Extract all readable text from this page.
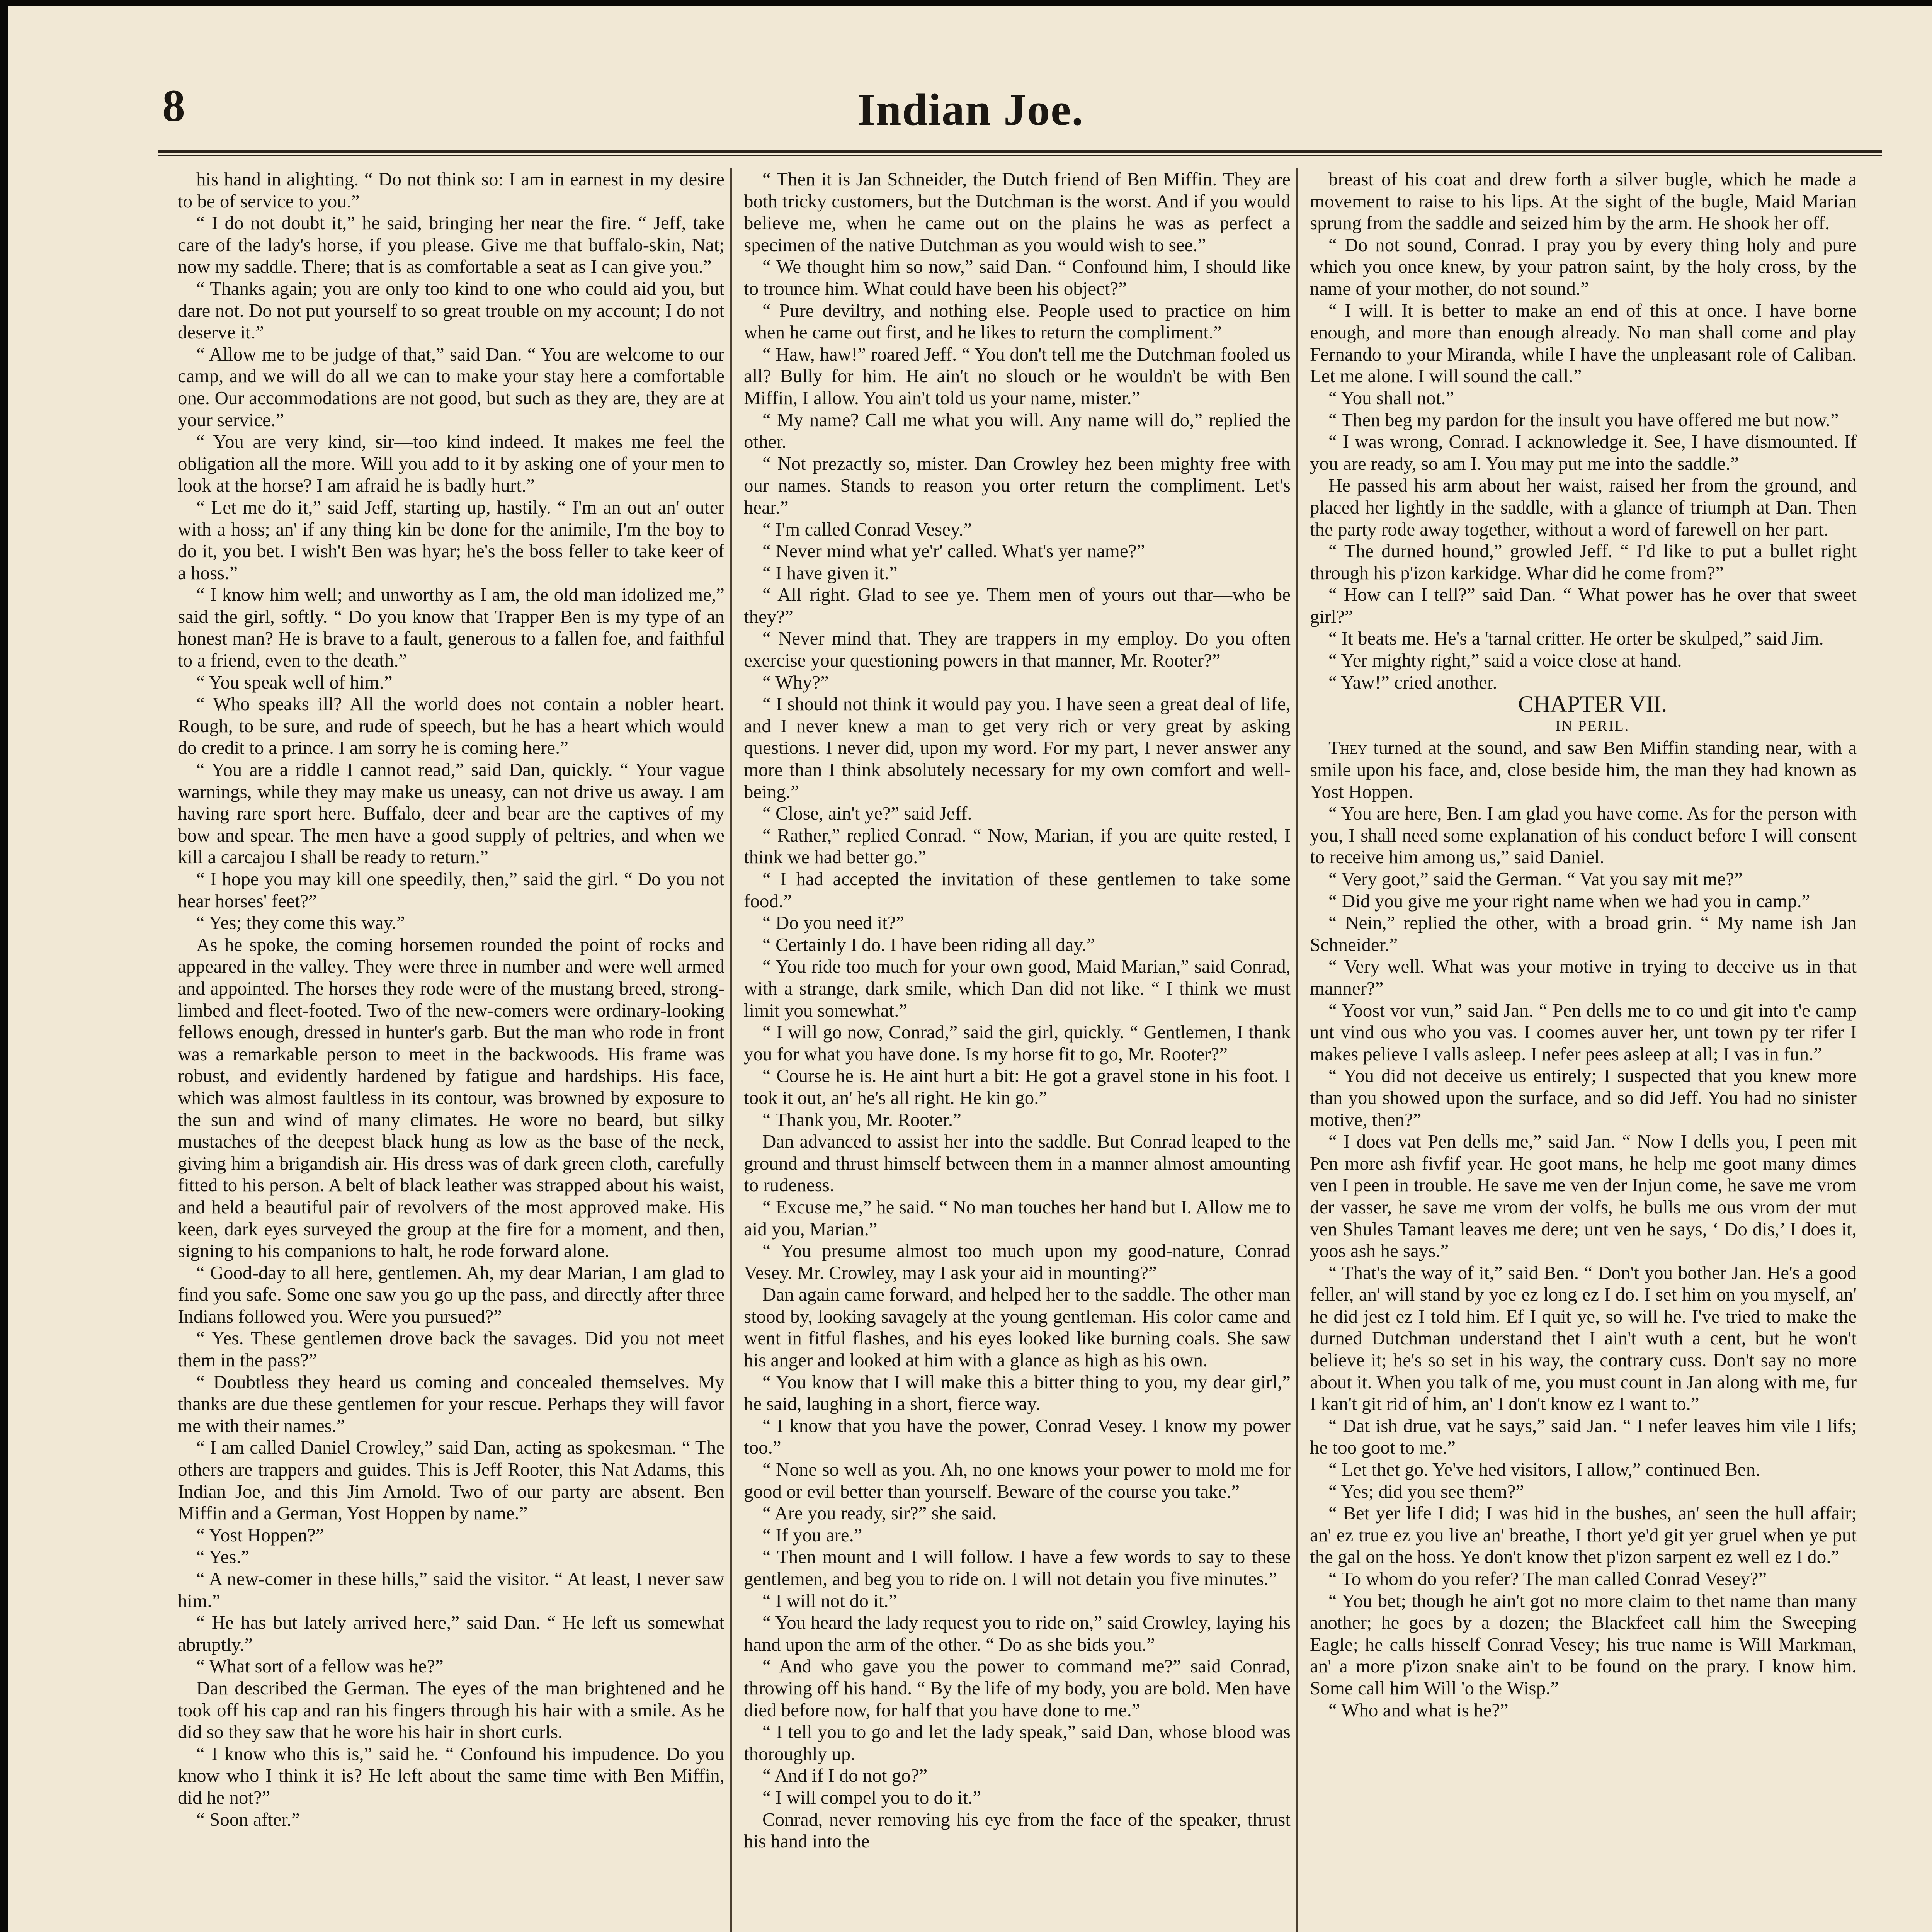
8	Indian Joe.

his hand in alighting. “ Do not think so: I am in earnest in my desire to be of service to you.”

“ I do not doubt it,” he said, bringing her near the fire. “ Jeff, take care of the lady's horse, if you please. Give me that buffalo-skin, Nat; now my saddle. There; that is as comfortable a seat as I can give you.”

“ Thanks again; you are only too kind to one who could aid you, but dare not. Do not put yourself to so great trouble on my account; I do not deserve it.”

“ Allow me to be judge of that,” said Dan. “ You are welcome to our camp, and we will do all we can to make your stay here a comfortable one. Our accommodations are not good, but such as they are, they are at your service.”

“ You are very kind, sir—too kind indeed. It makes me feel the obligation all the more. Will you add to it by asking one of your men to look at the horse? I am afraid he is badly hurt.”

“ Let me do it,” said Jeff, starting up, hastily. “ I'm an out an' outer with a hoss; an' if any thing kin be done for the animile, I'm the boy to do it, you bet. I wish't Ben was hyar; he's the boss feller to take keer of a hoss.”

“ I know him well; and unworthy as I am, the old man idolized me,” said the girl, softly. “ Do you know that Trapper Ben is my type of an honest man? He is brave to a fault, generous to a fallen foe, and faithful to a friend, even to the death.”

“ You speak well of him.”

“ Who speaks ill? All the world does not contain a nobler heart. Rough, to be sure, and rude of speech, but he has a heart which would do credit to a prince. I am sorry he is coming here.”

“ You are a riddle I cannot read,” said Dan, quickly. “ Your vague warnings, while they may make us uneasy, can not drive us away. I am having rare sport here. Buffalo, deer and bear are the captives of my bow and spear. The men have a good supply of peltries, and when we kill a carcajou I shall be ready to return.”

“ I hope you may kill one speedily, then,” said the girl. “ Do you not hear horses' feet?”

“ Yes; they come this way.”

As he spoke, the coming horsemen rounded the point of rocks and appeared in the valley. They were three in number and were well armed and appointed. The horses they rode were of the mustang breed, strong-limbed and fleet-footed. Two of the new-comers were ordinary-looking fellows enough, dressed in hunter's garb. But the man who rode in front was a remarkable person to meet in the backwoods. His frame was robust, and evidently hardened by fatigue and hardships. His face, which was almost faultless in its contour, was browned by exposure to the sun and wind of many climates. He wore no beard, but silky mustaches of the deepest black hung as low as the base of the neck, giving him a brigandish air. His dress was of dark green cloth, carefully fitted to his person. A belt of black leather was strapped about his waist, and held a beautiful pair of revolvers of the most approved make. His keen, dark eyes surveyed the group at the fire for a moment, and then, signing to his companions to halt, he rode forward alone.

“ Good-day to all here, gentlemen. Ah, my dear Marian, I am glad to find you safe. Some one saw you go up the pass, and directly after three Indians followed you. Were you pursued?”

“ Yes. These gentlemen drove back the savages. Did you not meet them in the pass?”

“ Doubtless they heard us coming and concealed themselves. My thanks are due these gentlemen for your rescue. Perhaps they will favor me with their names.”

“ I am called Daniel Crowley,” said Dan, acting as spokesman. “ The others are trappers and guides. This is Jeff Rooter, this Nat Adams, this Indian Joe, and this Jim Arnold. Two of our party are absent. Ben Miffin and a German, Yost Hoppen by name.”

“ Yost Hoppen?”

“ Yes.”

“ A new-comer in these hills,” said the visitor. “ At least, I never saw him.”

“ He has but lately arrived here,” said Dan. “ He left us somewhat abruptly.”

“ What sort of a fellow was he?”

Dan described the German. The eyes of the man brightened and he took off his cap and ran his fingers through his hair with a smile. As he did so they saw that he wore his hair in short curls.

“ I know who this is,” said he. “ Confound his impudence. Do you know who I think it is? He left about the same time with Ben Miffin, did he not?”

“ Soon after.”

“ Then it is Jan Schneider, the Dutch friend of Ben Miffin. They are both tricky customers, but the Dutchman is the worst. And if you would believe me, when he came out on the plains he was as perfect a specimen of the native Dutchman as you would wish to see.”

“ We thought him so now,” said Dan. “ Confound him, I should like to trounce him. What could have been his object?”

“ Pure deviltry, and nothing else. People used to practice on him when he came out first, and he likes to return the compliment.”

“ Haw, haw!” roared Jeff. “ You don't tell me the Dutchman fooled us all? Bully for him. He ain't no slouch or he wouldn't be with Ben Miffin, I allow. You ain't told us your name, mister.”

“ My name? Call me what you will. Any name will do,” replied the other.

“ Not prezactly so, mister. Dan Crowley hez been mighty free with our names. Stands to reason you orter return the compliment. Let's hear.”

“ I'm called Conrad Vesey.”

“ Never mind what ye'r' called. What's yer name?”

“ I have given it.”

“ All right. Glad to see ye. Them men of yours out thar—who be they?”

“ Never mind that. They are trappers in my employ. Do you often exercise your questioning powers in that manner, Mr. Rooter?”

“ Why?”

“ I should not think it would pay you. I have seen a great deal of life, and I never knew a man to get very rich or very great by asking questions. I never did, upon my word. For my part, I never answer any more than I think absolutely necessary for my own comfort and well-being.”

“ Close, ain't ye?” said Jeff.

“ Rather,” replied Conrad. “ Now, Marian, if you are quite rested, I think we had better go.”

“ I had accepted the invitation of these gentlemen to take some food.”

“ Do you need it?”

“ Certainly I do. I have been riding all day.”

“ You ride too much for your own good, Maid Marian,” said Conrad, with a strange, dark smile, which Dan did not like. “ I think we must limit you somewhat.”

“ I will go now, Conrad,” said the girl, quickly. “ Gentlemen, I thank you for what you have done. Is my horse fit to go, Mr. Rooter?”

“ Course he is. He aint hurt a bit: He got a gravel stone in his foot. I took it out, an' he's all right. He kin go.”

“ Thank you, Mr. Rooter.”

Dan advanced to assist her into the saddle. But Conrad leaped to the ground and thrust himself between them in a manner almost amounting to rudeness.

“ Excuse me,” he said. “ No man touches her hand but I. Allow me to aid you, Marian.”

“ You presume almost too much upon my good-nature, Conrad Vesey. Mr. Crowley, may I ask your aid in mounting?”

Dan again came forward, and helped her to the saddle. The other man stood by, looking savagely at the young gentleman. His color came and went in fitful flashes, and his eyes looked like burning coals. She saw his anger and looked at him with a glance as high as his own.

“ You know that I will make this a bitter thing to you, my dear girl,” he said, laughing in a short, fierce way.

“ I know that you have the power, Conrad Vesey. I know my power too.”

“ None so well as you. Ah, no one knows your power to mold me for good or evil better than yourself. Beware of the course you take.”

“ Are you ready, sir?” she said.

“ If you are.”

“ Then mount and I will follow. I have a few words to say to these gentlemen, and beg you to ride on. I will not detain you five minutes.”

“ I will not do it.”

“ You heard the lady request you to ride on,” said Crowley, laying his hand upon the arm of the other. “ Do as she bids you.”

“ And who gave you the power to command me?” said Conrad, throwing off his hand. “ By the life of my body, you are bold. Men have died before now, for half that you have done to me.”

“ I tell you to go and let the lady speak,” said Dan, whose blood was thoroughly up.

“ And if I do not go?”

“ I will compel you to do it.”

Conrad, never removing his eye from the face of the speaker, thrust his hand into the

breast of his coat and drew forth a silver bugle, which he made a movement to raise to his lips. At the sight of the bugle, Maid Marian sprung from the saddle and seized him by the arm. He shook her off.

“ Do not sound, Conrad. I pray you by every thing holy and pure which you once knew, by your patron saint, by the holy cross, by the name of your mother, do not sound.”

“ I will. It is better to make an end of this at once. I have borne enough, and more than enough already. No man shall come and play Fernando to your Miranda, while I have the unpleasant role of Caliban. Let me alone. I will sound the call.”

“ You shall not.”

“ Then beg my pardon for the insult you have offered me but now.”

“ I was wrong, Conrad. I acknowledge it. See, I have dismounted. If you are ready, so am I. You may put me into the saddle.”

He passed his arm about her waist, raised her from the ground, and placed her lightly in the saddle, with a glance of triumph at Dan. Then the party rode away together, without a word of farewell on her part.

“ The durned hound,” growled Jeff. “ I'd like to put a bullet right through his p'izon karkidge. Whar did he come from?”

“ How can I tell?” said Dan. “ What power has he over that sweet girl?”

“ It beats me. He's a 'tarnal critter. He orter be skulped,” said Jim.

“ Yer mighty right,” said a voice close at hand.

“ Yaw!” cried another.

CHAPTER VII.

IN PERIL.

They turned at the sound, and saw Ben Miffin standing near, with a smile upon his face, and, close beside him, the man they had known as Yost Hoppen.

“ You are here, Ben. I am glad you have come. As for the person with you, I shall need some explanation of his conduct before I will consent to receive him among us,” said Daniel.

“ Very goot,” said the German. “ Vat you say mit me?”

“ Did you give me your right name when we had you in camp.”

“ Nein,” replied the other, with a broad grin. “ My name ish Jan Schneider.”

“ Very well. What was your motive in trying to deceive us in that manner?”

“ Yoost vor vun,” said Jan. “ Pen dells me to co und git into t'e camp unt vind ous who you vas. I coomes auver her, unt town py ter rifer I makes pelieve I valls asleep. I nefer pees asleep at all; I vas in fun.”

“ You did not deceive us entirely; I suspected that you knew more than you showed upon the surface, and so did Jeff. You had no sinister motive, then?”

“ I does vat Pen dells me,” said Jan. “ Now I dells you, I peen mit Pen more ash fivfif year. He goot mans, he help me goot many dimes ven I peen in trouble. He save me ven der Injun come, he save me vrom der vasser, he save me vrom der volfs, he bulls me ous vrom der mut ven Shules Tamant leaves me dere; unt ven he says, ‘ Do dis,’ I does it, yoos ash he says.”

“ That's the way of it,” said Ben. “ Don't you bother Jan. He's a good feller, an' will stand by yoe ez long ez I do. I set him on you myself, an' he did jest ez I told him. Ef I quit ye, so will he. I've tried to make the durned Dutchman understand thet I ain't wuth a cent, but he won't believe it; he's so set in his way, the contrary cuss. Don't say no more about it. When you talk of me, you must count in Jan along with me, fur I kan't git rid of him, an' I don't know ez I want to.”

“ Dat ish drue, vat he says,” said Jan. “ I nefer leaves him vile I lifs; he too goot to me.”

“ Let thet go. Ye've hed visitors, I allow,” continued Ben.

“ Yes; did you see them?”

“ Bet yer life I did; I was hid in the bushes, an' seen the hull affair; an' ez true ez you live an' breathe, I thort ye'd git yer gruel when ye put the gal on the hoss. Ye don't know thet p'izon sarpent ez well ez I do.”

“ To whom do you refer? The man called Conrad Vesey?”

“ You bet; though he ain't got no more claim to thet name than many another; he goes by a dozen; the Blackfeet call him the Sweeping Eagle; he calls hisself Conrad Vesey; his true name is Will Markman, an' a more p'izon snake ain't to be found on the prary. I know him. Some call him Will 'o the Wisp.”

“ Who and what is he?”
